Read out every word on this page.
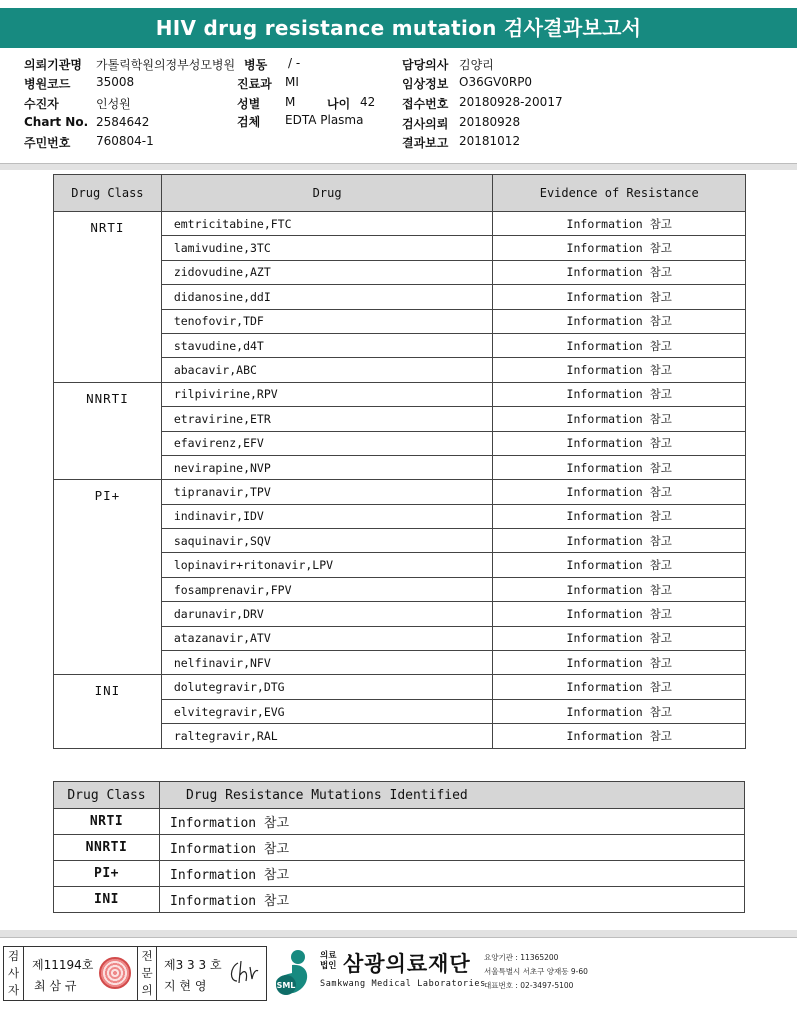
HIV drug resistance mutation 검사결과보고서
의뢰기관명 가톨릭학원의정부성모병원 병동 / -	담당의사 김양리
병원코드 35008	진료과 MI	임상정보 O36GV0RP0
수진자	인성원	성별 M	나이 42 접수번호 20180928-20017
Chart No. 2584642	검체 EDTA Plasma	검사의뢰 20180928
주민번호 760804-1	결과보고 20181012
Drug Class	Drug	Evidence of Resistance
NRTI	emtricitabine,FTC	Information 참고
	lamivudine,3TC	Information 참고
	zidovudine,AZT	Information 참고
	didanosine,ddI	Information 참고
	tenofovir,TDF	Information 참고
	stavudine,d4T	Information 참고
	abacavir,ABC	Information 참고
NNRTI	rilpivirine,RPV	Information 참고
	etravirine,ETR	Information 참고
	efavirenz,EFV	Information 참고
	nevirapine,NVP	Information 참고
PI+	tipranavir,TPV	Information 참고
	indinavir,IDV	Information 참고
	saquinavir,SQV	Information 참고
	lopinavir+ritonavir,LPV	Information 참고
	fosamprenavir,FPV	Information 참고
	darunavir,DRV	Information 참고
	atazanavir,ATV	Information 참고
	nelfinavir,NFV	Information 참고
INI	dolutegravir,DTG	Information 참고
	elvitegravir,EVG	Information 참고
	raltegravir,RAL	Information 참고
Drug Class	Drug Resistance Mutations Identified
NRTI	Information 참고
NNRTI	Information 참고
PI+	Information 참고
INI	Information 참고
검
사
자
제11194호
최 삼 규
전
문
의
제3 3 3 호
지 현 영	SML
의료 법인 삼광의료재단
Samkwang Medical Laboratories
요양기관 : 11365200
서울특별시 서초구 양재동 9-60
대표번호 : 02-3497-5100
